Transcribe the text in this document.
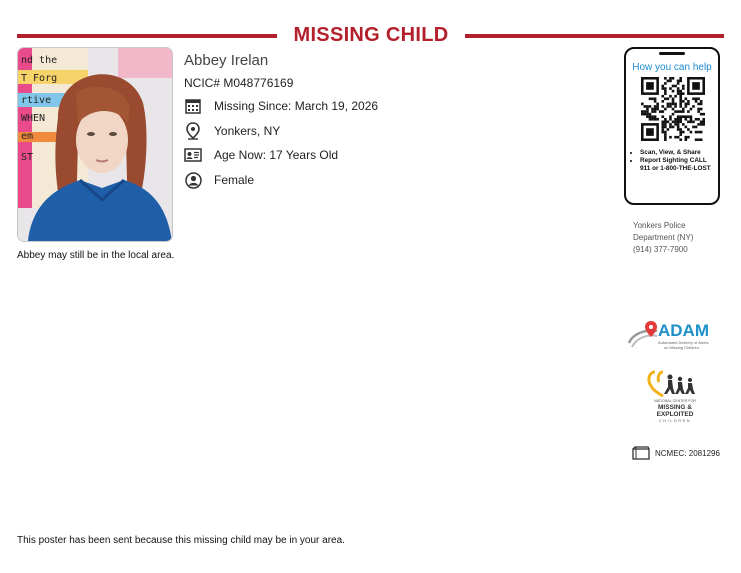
MISSING CHILD
nd the
T Forg
rtive
WHEN
em
ST
Abbey may still be in the local area.
Abbey Irelan
NCIC# M048776169
Missing Since: March 19, 2026
Yonkers, NY
Age Now: 17 Years Old
Female
How you can help
• Scan, View, & Share
• Report Sighting CALL 911 or 1-800-THE-LOST
Yonkers Police
Department (NY)
(914) 377-7900
ADAM
Automated Delivery of Alerts
on Missing Children
NATIONAL CENTER FOR
MISSING &
EXPLOITED
CHILDREN
NCMEC: 2081296
This poster has been sent because this missing child may be in your area.
